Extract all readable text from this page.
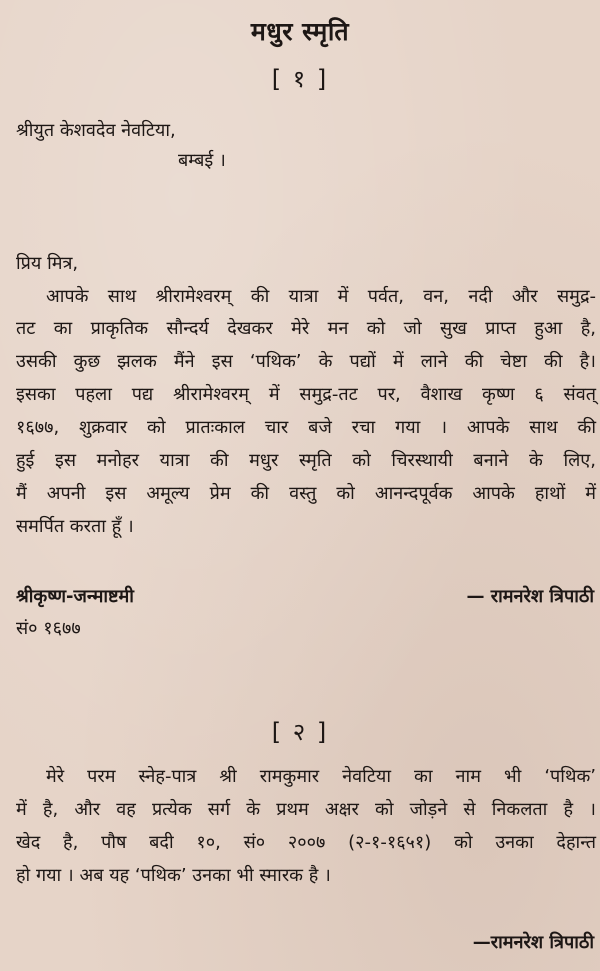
मधुर स्मृति
[ १ ]
श्रीयुत केशवदेव नेवटिया,
बम्बई ।
प्रिय मित्र,
आपके साथ श्रीरामेश्वरम् की यात्रा में पर्वत, वन, नदी और समुद्र-
तट का प्राकृतिक सौन्दर्य देखकर मेरे मन को जो सुख प्राप्त हुआ है,
उसकी कुछ झलक मैंने इस ‘पथिक’ के पद्यों में लाने की चेष्टा की है।
इसका पहला पद्य श्रीरामेश्वरम् में समुद्र-तट पर, वैशाख कृष्ण ६ संवत्
१६७७, शुक्रवार को प्रातःकाल चार बजे रचा गया । आपके साथ की
हुई इस मनोहर यात्रा की मधुर स्मृति को चिरस्थायी बनाने के लिए,
मैं अपनी इस अमूल्य प्रेम की वस्तु को आनन्दपूर्वक आपके हाथों में
समर्पित करता हूँ ।
श्रीकृष्ण-जन्माष्टमी
सं० १६७७
— रामनरेश त्रिपाठी
[ २ ]
मेरे परम स्नेह-पात्र श्री रामकुमार नेवटिया का नाम भी ‘पथिक’
में है, और वह प्रत्येक सर्ग के प्रथम अक्षर को जोड़ने से निकलता है ।
खेद है, पौष बदी १०, सं० २००७ (२-१-१६५१) को उनका देहान्त
हो गया । अब यह ‘पथिक’ उनका भी स्मारक है ।
—रामनरेश त्रिपाठी
